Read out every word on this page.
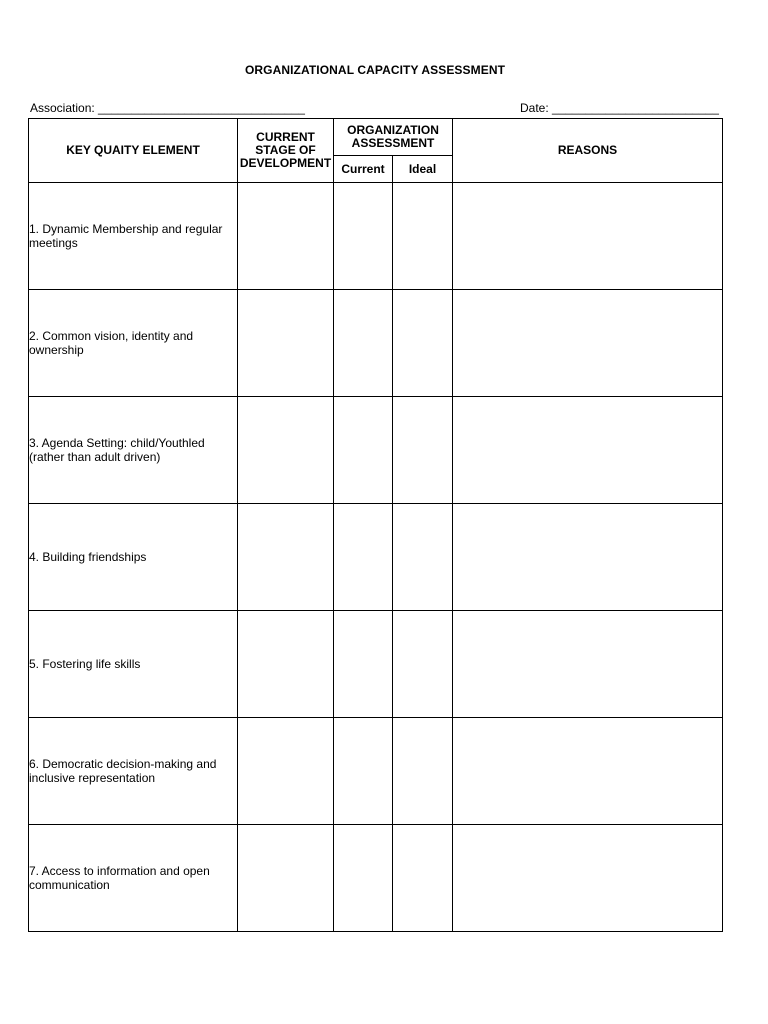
ORGANIZATIONAL CAPACITY ASSESSMENT
Association: _______________________________	Date: _________________________
KEY QUAITY ELEMENT	CURRENT STAGE OF DEVELOPMENT	ORGANIZATION ASSESSMENT		REASONS
		Current	Ideal	
1. Dynamic Membership and regular meetings				
2. Common vision, identity and ownership				
3. Agenda Setting: child/Youthled (rather than adult driven)				
4. Building friendships				
5. Fostering life skills				
6. Democratic decision-making and inclusive representation				
7. Access to information and open communication				
